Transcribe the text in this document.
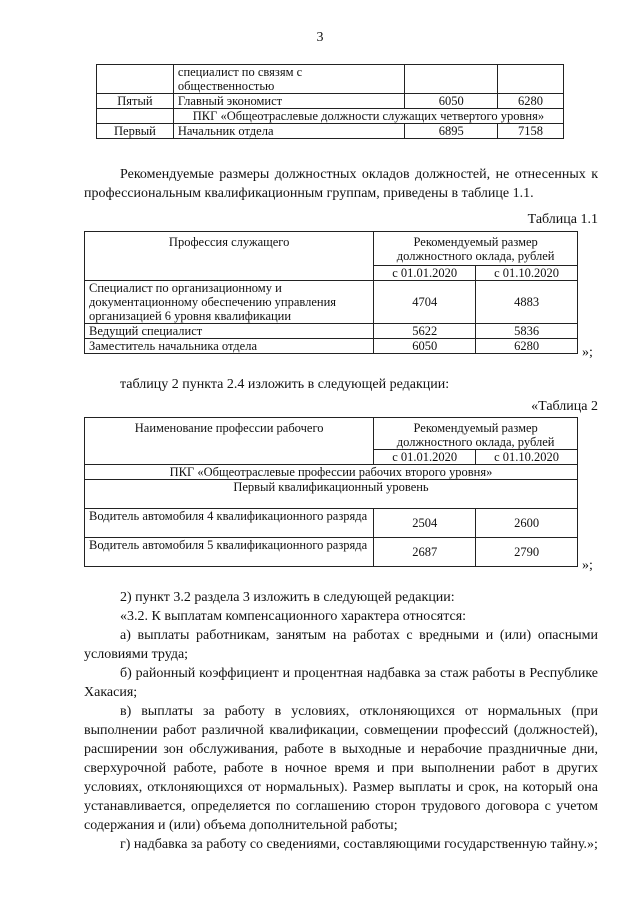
3
	специалист по связям с общественностью		
Пятый	Главный экономист	6050	6280
	ПКГ «Общеотраслевые должности служащих четвертого уровня»		
Первый	Начальник отдела	6895	7158
Рекомендуемые размеры должностных окладов должностей, не отнесенных к профессиональным квалификационным группам, приведены в таблице 1.1.
Таблица 1.1
Профессия служащего	Рекомендуемый размер должностного оклада, рублей	
	с 01.01.2020	с 01.10.2020
Специалист по организационному и документационному обеспечению управления организацией 6 уровня квалификации	4704	4883
Ведущий специалист	5622	5836
Заместитель начальника отдела	6050	6280	»;
таблицу 2 пункта 2.4 изложить в следующей редакции:
«Таблица 2
Наименование профессии рабочего	Рекомендуемый размер должностного оклада, рублей	
	с 01.01.2020	с 01.10.2020
ПКГ «Общеотраслевые профессии рабочих второго уровня»		
Первый квалификационный уровень		
Водитель автомобиля 4 квалификационного разряда	2504	2600
Водитель автомобиля 5 квалификационного разряда	2687	2790
»;
2) пункт 3.2 раздела 3 изложить в следующей редакции:
«3.2. К выплатам компенсационного характера относятся:
а) выплаты работникам, занятым на работах с вредными и (или) опасными условиями труда;
б) районный коэффициент и процентная надбавка за стаж работы в Республике Хакасия;
в) выплаты за работу в условиях, отклоняющихся от нормальных (при выполнении работ различной квалификации, совмещении профессий (должностей), расширении зон обслуживания, работе в выходные и нерабочие праздничные дни, сверхурочной работе, работе в ночное время и при выполнении работ в других условиях, отклоняющихся от нормальных). Размер выплаты и срок, на который она устанавливается, определяется по соглашению сторон трудового договора с учетом содержания и (или) объема дополнительной работы;
г) надбавка за работу со сведениями, составляющими государственную тайну.»;
